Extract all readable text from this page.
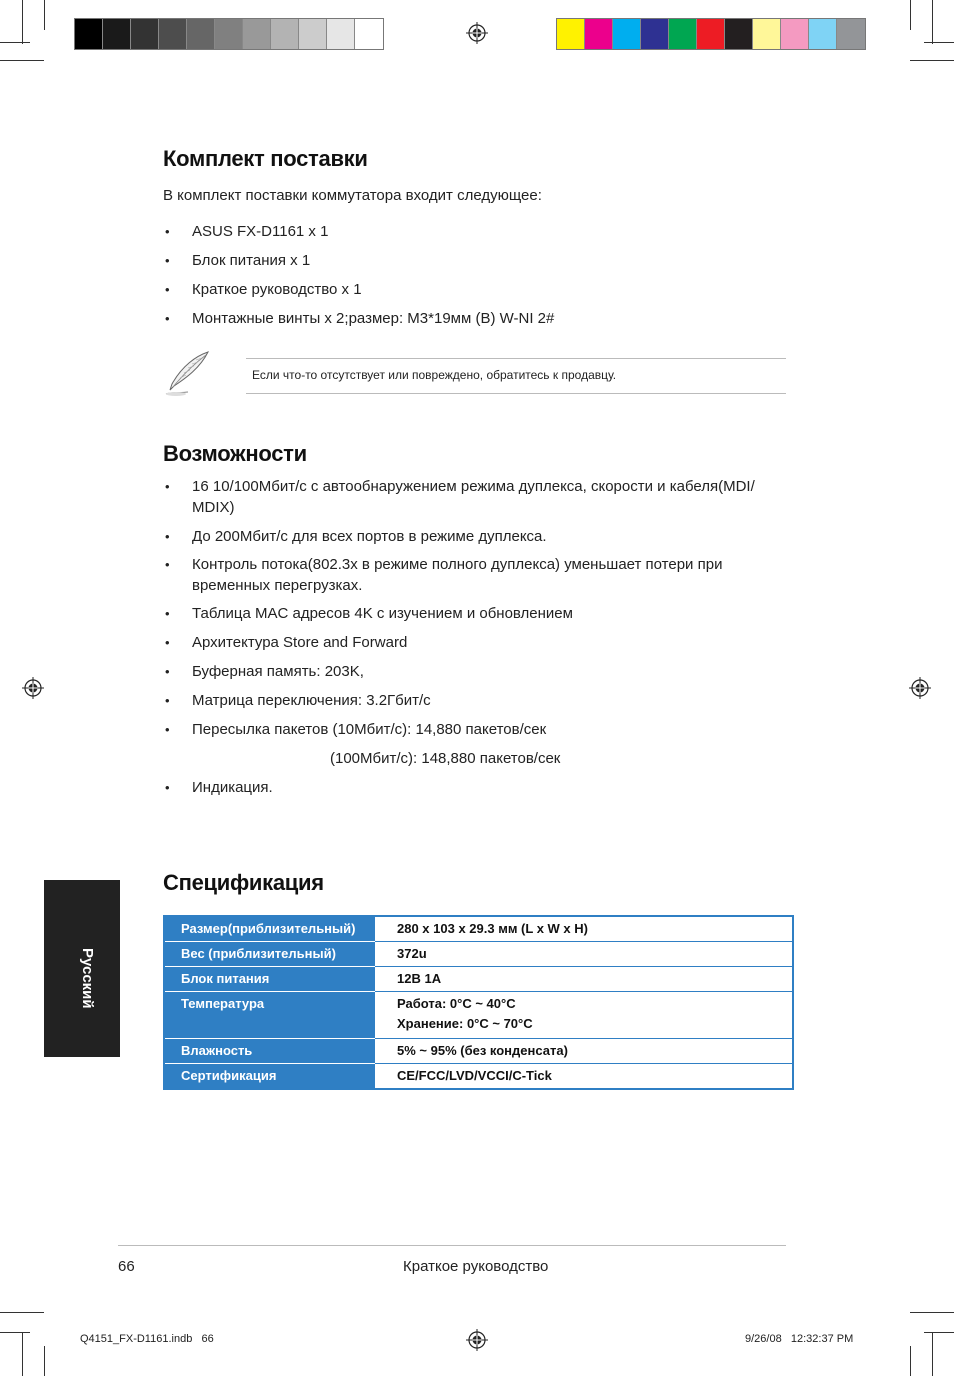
Комплект поставки
В комплект поставки коммутатора входит следующее:
• ASUS FX-D1161 x 1
• Блок питания x 1
• Краткое руководство x 1
• Монтажные винты x 2;размер: M3*19мм (B) W-NI 2#
Если что-то отсутствует или повреждено, обратитесь к продавцу.
Возможности
• 16 10/100Мбит/с с автообнаружением режима дуплекса, скорости и кабеля(MDI/ MDIX)
• До 200Мбит/с для всех портов в режиме дуплекса.
• Контроль потока(802.3x в режиме полного дуплекса) уменьшает потери при временных перегрузках.
• Таблица MAC адресов 4K с изучением и обновлением
• Архитектура Store and Forward
• Буферная память: 203K,
• Матрица переключения: 3.2Гбит/с
• Пересылка пакетов (10Мбит/с): 14,880 пакетов/сек
(100Мбит/с): 148,880 пакетов/сек
• Индикация.
Русский
Спецификация
Размер(приблизительный)	280 x 103 x 29.3 мм (L x W x H)
Вес (приблизительный)	372u
Блок питания	12В 1А
Температура	Работа: 0°C ~ 40°C
Хранение: 0°C ~ 70°C

Влажность	5% ~ 95% (без конденсата)
Сертификация	CE/FCC/LVD/VCCI/C-Tick
66	Краткое руководство
Q4151_FX-D1161.indb   66	9/26/08   12:32:37 PM
